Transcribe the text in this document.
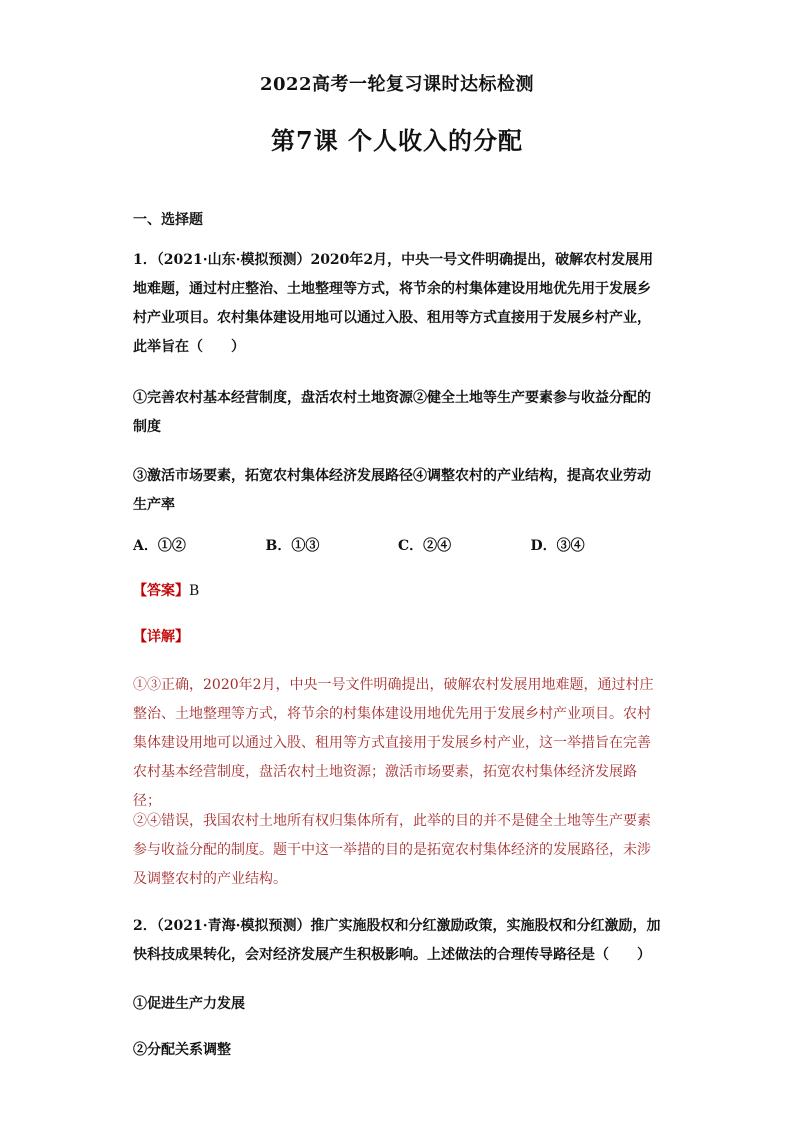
2022高考一轮复习课时达标检测
第7课 个人收入的分配
一、选择题
1．（2021·山东·模拟预测）2020年2月，中央一号文件明确提出，破解农村发展用地难题，通过村庄整治、土地整理等方式，将节余的村集体建设用地优先用于发展乡村产业项目。农村集体建设用地可以通过入股、租用等方式直接用于发展乡村产业，此举旨在（　　）
①完善农村基本经营制度，盘活农村土地资源②健全土地等生产要素参与收益分配的制度
③激活市场要素，拓宽农村集体经济发展路径④调整农村的产业结构，提高农业劳动生产率
A．①②	B．①③	C．②④	D．③④
【答案】B
【详解】
①③正确，2020年2月，中央一号文件明确提出，破解农村发展用地难题，通过村庄整治、土地整理等方式，将节余的村集体建设用地优先用于发展乡村产业项目。农村集体建设用地可以通过入股、租用等方式直接用于发展乡村产业，这一举措旨在完善农村基本经营制度，盘活农村土地资源；激活市场要素，拓宽农村集体经济发展路径；
②④错误，我国农村土地所有权归集体所有，此举的目的并不是健全土地等生产要素参与收益分配的制度。题干中这一举措的目的是拓宽农村集体经济的发展路径，未涉及调整农村的产业结构。
2．（2021·青海·模拟预测）推广实施股权和分红激励政策，实施股权和分红激励，加快科技成果转化，会对经济发展产生积极影响。上述做法的合理传导路径是（　　）
①促进生产力发展
②分配关系调整
